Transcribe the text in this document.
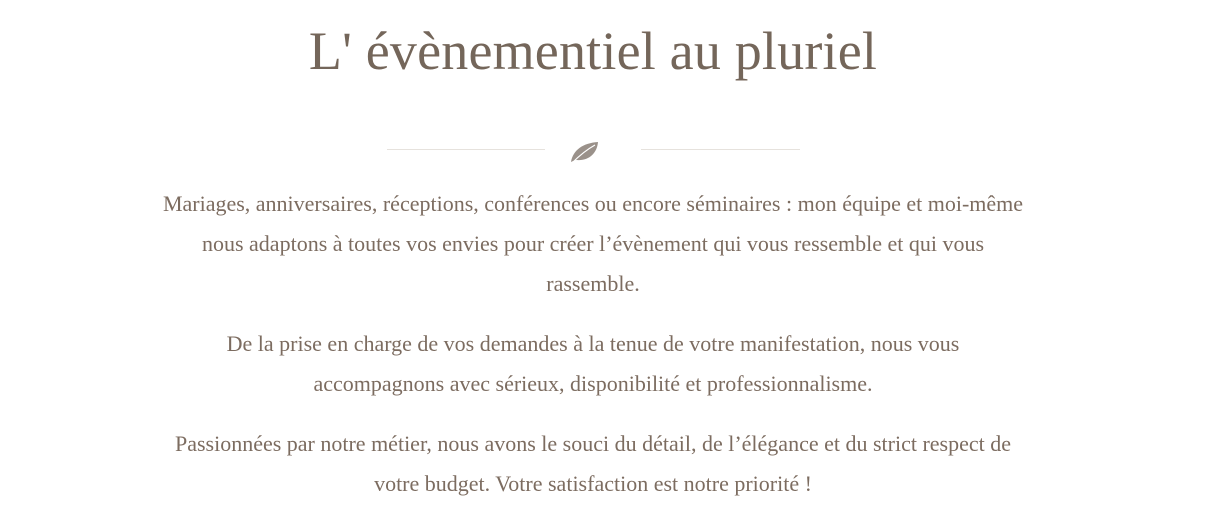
L' évènementiel au pluriel

Mariages, anniversaires, réceptions, conférences ou encore séminaires : mon équipe et moi-même nous adaptons à toutes vos envies pour créer l’évènement qui vous ressemble et qui vous rassemble.

De la prise en charge de vos demandes à la tenue de votre manifestation, nous vous accompagnons avec sérieux, disponibilité et professionnalisme.

Passionnées par notre métier, nous avons le souci du détail, de l’élégance et du strict respect de votre budget. Votre satisfaction est notre priorité !
